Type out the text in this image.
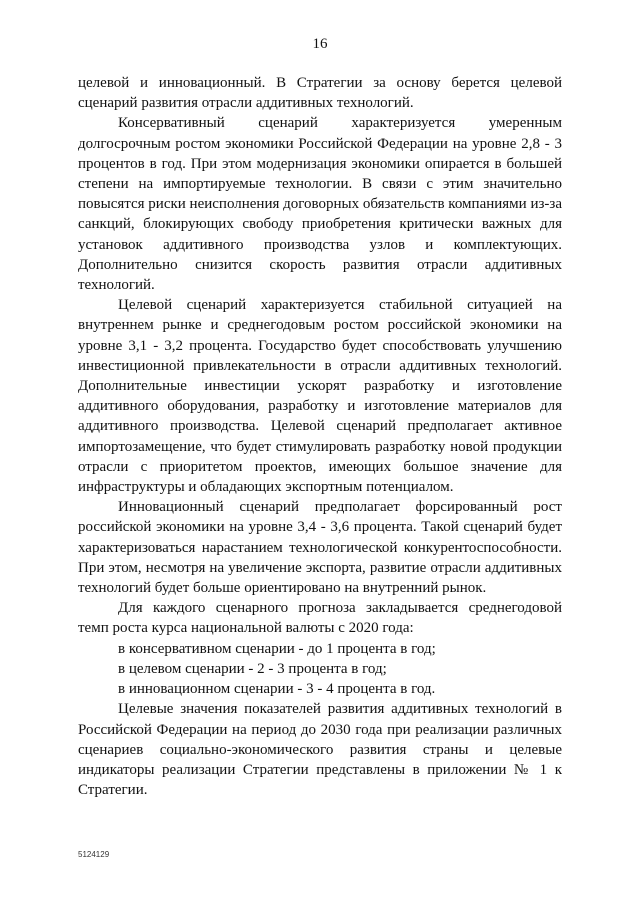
16

целевой и инновационный. В Стратегии за основу берется целевой сценарий развития отрасли аддитивных технологий.

Консервативный сценарий характеризуется умеренным долгосрочным ростом экономики Российской Федерации на уровне 2,8 - 3 процентов в год. При этом модернизация экономики опирается в большей степени на импортируемые технологии. В связи с этим значительно повысятся риски неисполнения договорных обязательств компаниями из-за санкций, блокирующих свободу приобретения критически важных для установок аддитивного производства узлов и комплектующих. Дополнительно снизится скорость развития отрасли аддитивных технологий.

Целевой сценарий характеризуется стабильной ситуацией на внутреннем рынке и среднегодовым ростом российской экономики на уровне 3,1 - 3,2 процента. Государство будет способствовать улучшению инвестиционной привлекательности в отрасли аддитивных технологий. Дополнительные инвестиции ускорят разработку и изготовление аддитивного оборудования, разработку и изготовление материалов для аддитивного производства. Целевой сценарий предполагает активное импортозамещение, что будет стимулировать разработку новой продукции отрасли с приоритетом проектов, имеющих большое значение для инфраструктуры и обладающих экспортным потенциалом.

Инновационный сценарий предполагает форсированный рост российской экономики на уровне 3,4 - 3,6 процента. Такой сценарий будет характеризоваться нарастанием технологической конкурентоспособности. При этом, несмотря на увеличение экспорта, развитие отрасли аддитивных технологий будет больше ориентировано на внутренний рынок.

Для каждого сценарного прогноза закладывается среднегодовой темп роста курса национальной валюты с 2020 года:

в консервативном сценарии - до 1 процента в год;

в целевом сценарии - 2 - 3 процента в год;

в инновационном сценарии - 3 - 4 процента в год.

Целевые значения показателей развития аддитивных технологий в Российской Федерации на период до 2030 года при реализации различных сценариев социально-экономического развития страны и целевые индикаторы реализации Стратегии представлены в приложении № 1 к Стратегии.

5124129
